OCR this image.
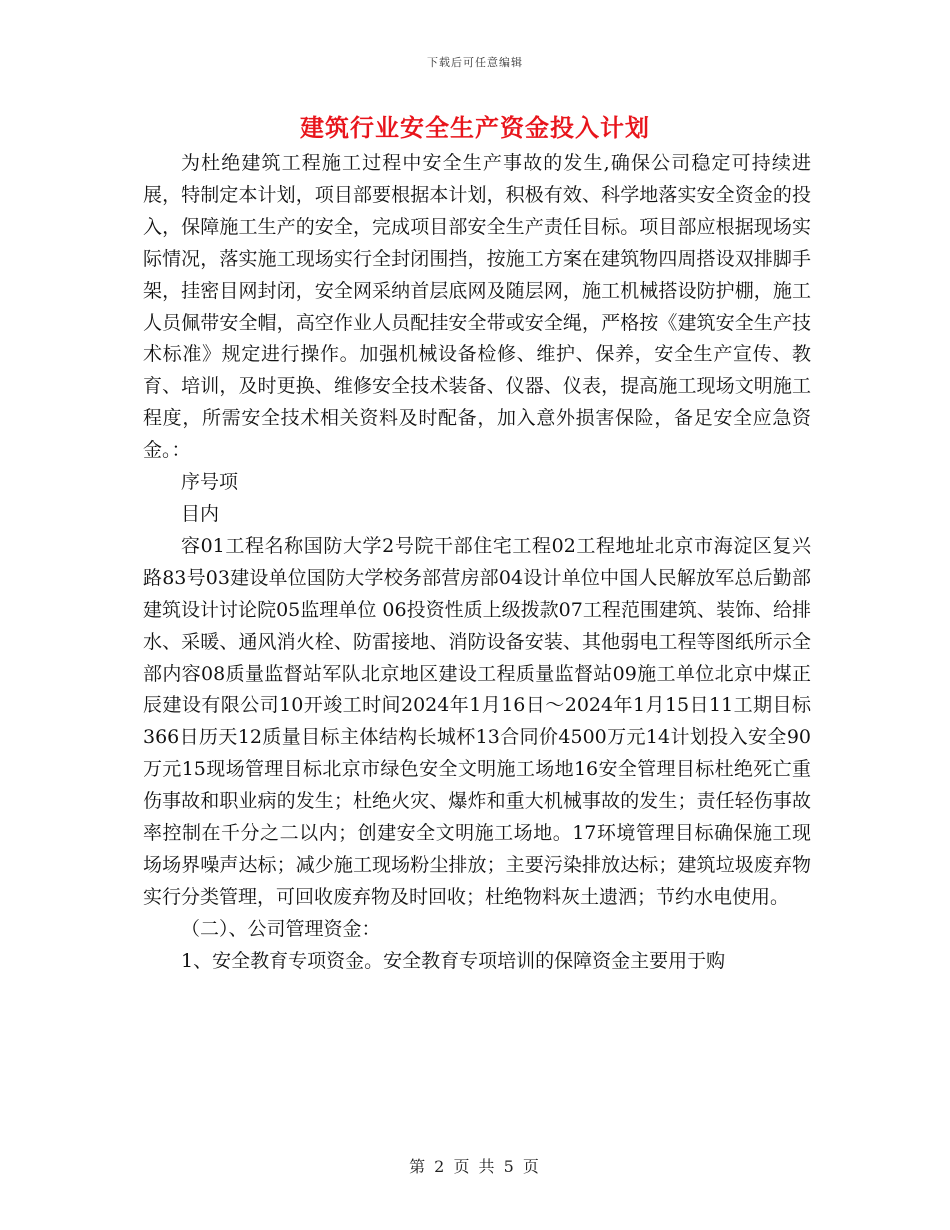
下载后可任意编辑
建筑行业安全生产资金投入计划

为杜绝建筑工程施工过程中安全生产事故的发生,确保公司稳定可持续进展，特制定本计划，项目部要根据本计划，积极有效、科学地落实安全资金的投入，保障施工生产的安全，完成项目部安全生产责任目标。项目部应根据现场实际情况，落实施工现场实行全封闭围挡，按施工方案在建筑物四周搭设双排脚手架，挂密目网封闭，安全网采纳首层底网及随层网，施工机械搭设防护棚，施工人员佩带安全帽，高空作业人员配挂安全带或安全绳，严格按《建筑安全生产技术标准》规定进行操作。加强机械设备检修、维护、保养，安全生产宣传、教育、培训，及时更换、维修安全技术装备、仪器、仪表，提高施工现场文明施工程度，所需安全技术相关资料及时配备，加入意外损害保险，备足安全应急资金。：

序号项

目内

容01工程名称国防大学2号院干部住宅工程02工程地址北京市海淀区复兴路83号03建设单位国防大学校务部营房部04设计单位中国人民解放军总后勤部建筑设计讨论院05监理单位 06投资性质上级拨款07工程范围建筑、装饰、给排水、采暖、通风消火栓、防雷接地、消防设备安装、其他弱电工程等图纸所示全部内容08质量监督站军队北京地区建设工程质量监督站09施工单位北京中煤正辰建设有限公司10开竣工时间2024年1月16日～2024年1月15日11工期目标366日历天12质量目标主体结构长城杯13合同价4500万元14计划投入安全90万元15现场管理目标北京市绿色安全文明施工场地16安全管理目标杜绝死亡重伤事故和职业病的发生；杜绝火灾、爆炸和重大机械事故的发生；责任轻伤事故率控制在千分之二以内；创建安全文明施工场地。17环境管理目标确保施工现场场界噪声达标；减少施工现场粉尘排放；主要污染排放达标；建筑垃圾废弃物实行分类管理，可回收废弃物及时回收；杜绝物料灰土遗洒；节约水电使用。

（二）、公司管理资金：

1、安全教育专项资金。安全教育专项培训的保障资金主要用于购

第 2 页 共 5 页
